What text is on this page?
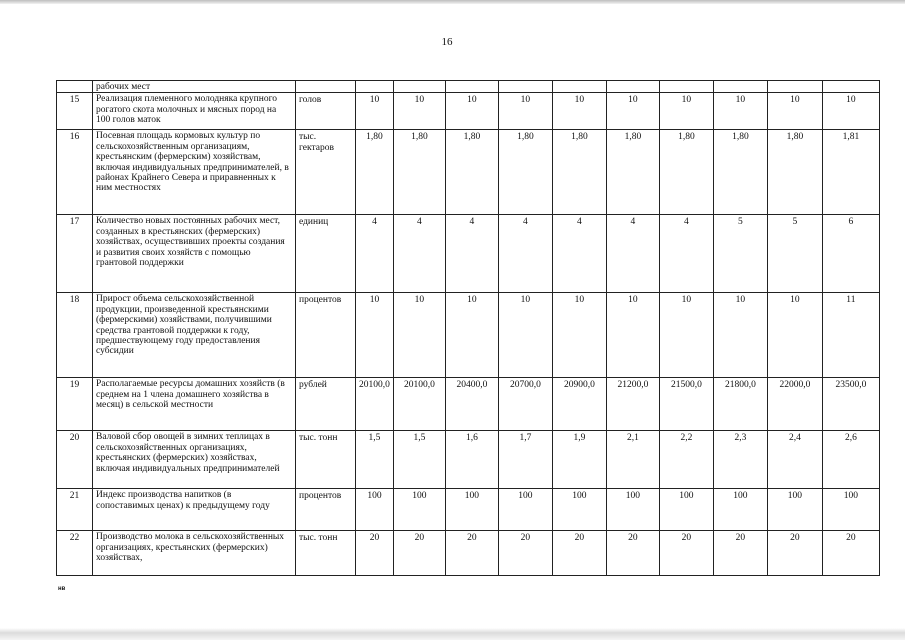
16
	рабочих мест											
15	Реализация племенного молодняка крупного рогатого скота молочных и мясных пород на 100 голов маток	голов	10	10	10	10	10	10	10	10	10	10
16	Посевная площадь кормовых культур по сельскохозяйственным организациям, крестьянским (фермерским) хозяйствам, включая индивидуальных предпринимателей, в районах Крайнего Севера и приравненных к ним местностях	тыс. гектаров	1,80	1,80	1,80	1,80	1,80	1,80	1,80	1,80	1,80	1,81
17	Количество новых постоянных рабочих мест, созданных в крестьянских (фермерских) хозяйствах, осуществивших проекты создания и развития своих хозяйств с помощью грантовой поддержки	единиц	4	4	4	4	4	4	4	5	5	6
18	Прирост объема сельскохозяйственной продукции, произведенной крестьянскими (фермерскими) хозяйствами, получившими средства грантовой поддержки к году, предшествующему году предоставления субсидии	процентов	10	10	10	10	10	10	10	10	10	11
19	Располагаемые ресурсы домашних хозяйств (в среднем на 1 члена домашнего хозяйства в месяц) в сельской местности	рублей	20100,0	20100,0	20400,0	20700,0	20900,0	21200,0	21500,0	21800,0	22000,0	23500,0
20	Валовой сбор овощей в зимних теплицах в сельскохозяйственных организациях, крестьянских (фермерских) хозяйствах, включая индивидуальных предпринимателей	тыс. тонн	1,5	1,5	1,6	1,7	1,9	2,1	2,2	2,3	2,4	2,6
21	Индекс производства напитков (в сопоставимых ценах) к предыдущему году	процентов	100	100	100	100	100	100	100	100	100	100
22	Производство молока в сельскохозяйственных организациях, крестьянских (фермерских) хозяйствах,	тыс. тонн	20	20	20	20	20	20	20	20	20	20
нв
